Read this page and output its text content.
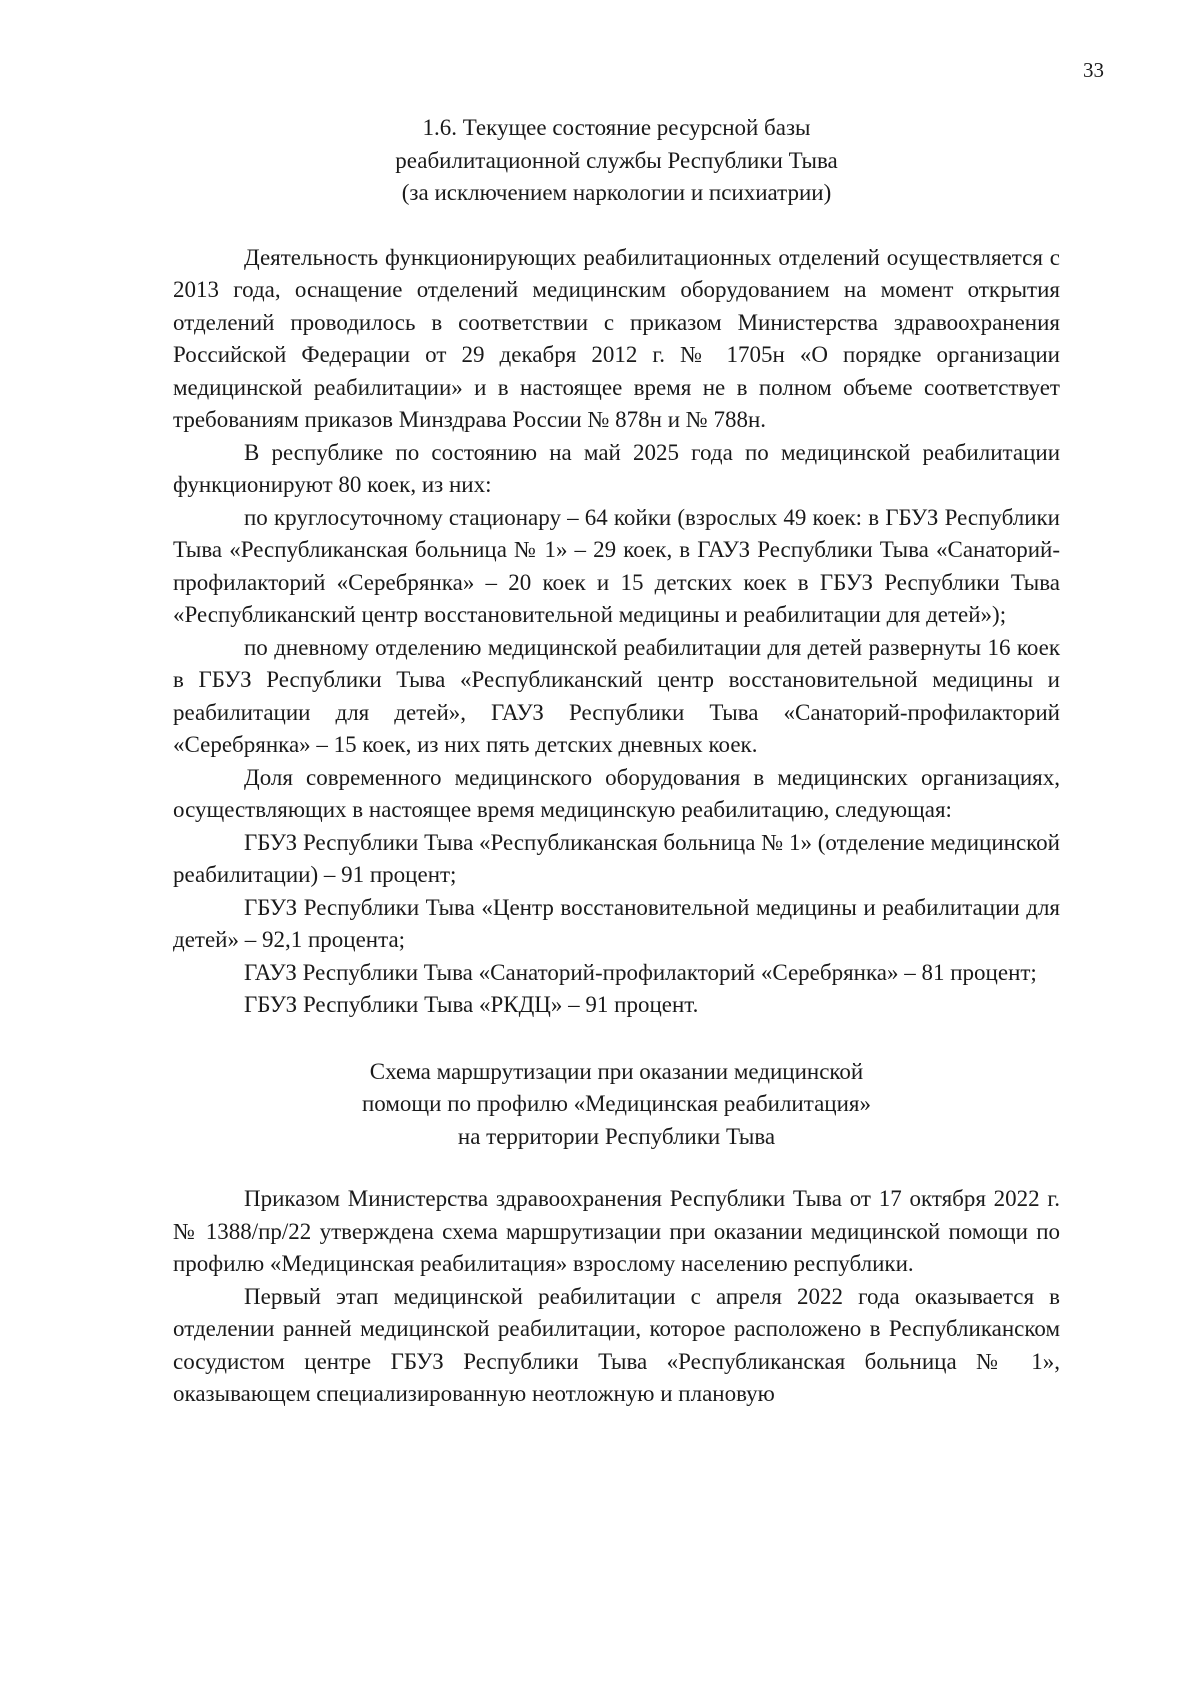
33
1.6. Текущее состояние ресурсной базы
реабилитационной службы Республики Тыва
(за исключением наркологии и психиатрии)

Деятельность функционирующих реабилитационных отделений осуществляется с 2013 года, оснащение отделений медицинским оборудованием на момент открытия отделений проводилось в соответствии с приказом Министерства здравоохранения Российской Федерации от 29 декабря 2012 г. № 1705н «О порядке организации медицинской реабилитации» и в настоящее время не в полном объеме соответствует требованиям приказов Минздрава России № 878н и № 788н.

В республике по состоянию на май 2025 года по медицинской реабилитации функционируют 80 коек, из них:

по круглосуточному стационару – 64 койки (взрослых 49 коек: в ГБУЗ Республики Тыва «Республиканская больница № 1» – 29 коек, в ГАУЗ Республики Тыва «Санаторий-профилакторий «Серебрянка» – 20 коек и 15 детских коек в ГБУЗ Республики Тыва «Республиканский центр восстановительной медицины и реабилитации для детей»);

по дневному отделению медицинской реабилитации для детей развернуты 16 коек в ГБУЗ Республики Тыва «Республиканский центр восстановительной медицины и реабилитации для детей», ГАУЗ Республики Тыва «Санаторий-профилакторий «Серебрянка» – 15 коек, из них пять детских дневных коек.

Доля современного медицинского оборудования в медицинских организациях, осуществляющих в настоящее время медицинскую реабилитацию, следующая:

ГБУЗ Республики Тыва «Республиканская больница № 1» (отделение медицинской реабилитации) – 91 процент;

ГБУЗ Республики Тыва «Центр восстановительной медицины и реабилитации для детей» – 92,1 процента;

ГАУЗ Республики Тыва «Санаторий-профилакторий «Серебрянка» – 81 процент;

ГБУЗ Республики Тыва «РКДЦ» – 91 процент.

Схема маршрутизации при оказании медицинской
помощи по профилю «Медицинская реабилитация»
на территории Республики Тыва

Приказом Министерства здравоохранения Республики Тыва от 17 октября 2022 г. № 1388/пр/22 утверждена схема маршрутизации при оказании медицинской помощи по профилю «Медицинская реабилитация» взрослому населению республики.

Первый этап медицинской реабилитации с апреля 2022 года оказывается в отделении ранней медицинской реабилитации, которое расположено в Республиканском сосудистом центре ГБУЗ Республики Тыва «Республиканская больница № 1», оказывающем специализированную неотложную и плановую
